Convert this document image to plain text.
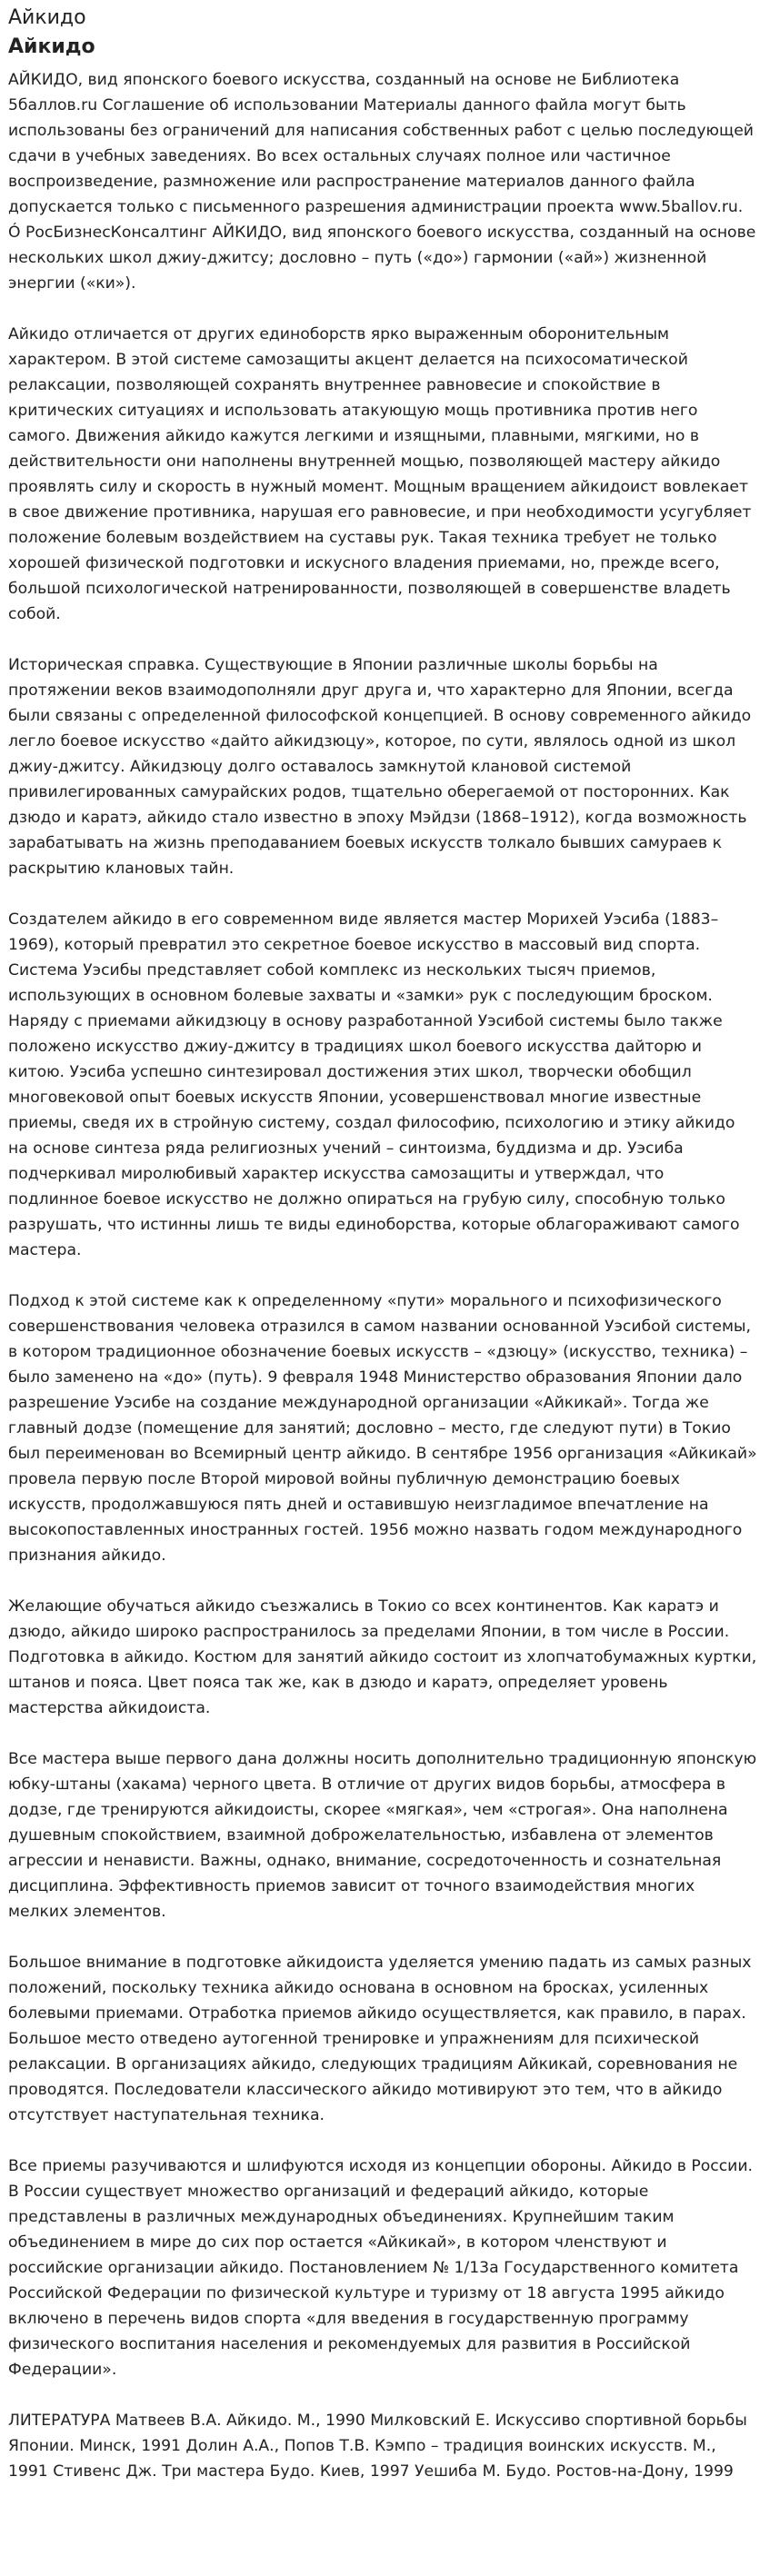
Айкидо
Айкидо

АЙКИДО, вид японского боевого искусства, созданный на основе не Библиотека 5баллов.ru Соглашение об использовании Материалы данного файла могут быть использованы без ограничений для написания собственных работ с целью последующей сдачи в учебных заведениях. Во всех остальных случаях полное или частичное воспроизведение, размножение или распространение материалов данного файла допускается только с письменного разрешения администрации проекта www.5ballov.ru. Ó РосБизнесКонсалтинг АЙКИДО, вид японского боевого искусства, созданный на основе нескольких школ джиу-джитсу; дословно – путь («до») гармонии («ай») жизненной энергии («ки»).

Айкидо отличается от других единоборств ярко выраженным оборонительным характером. В этой системе самозащиты акцент делается на психосоматической релаксации, позволяющей сохранять внутреннее равновесие и спокойствие в критических ситуациях и использовать атакующую мощь противника против него самого. Движения айкидо кажутся легкими и изящными, плавными, мягкими, но в действительности они наполнены внутренней мощью, позволяющей мастеру айкидо проявлять силу и скорость в нужный момент. Мощным вращением айкидоист вовлекает в свое движение противника, нарушая его равновесие, и при необходимости усугубляет положение болевым воздействием на суставы рук. Такая техника требует не только хорошей физической подготовки и искусного владения приемами, но, прежде всего, большой психологической натренированности, позволяющей в совершенстве владеть собой.

Историческая справка. Существующие в Японии различные школы борьбы на протяжении веков взаимодополняли друг друга и, что характерно для Японии, всегда были связаны с определенной философской концепцией. В основу современного айкидо легло боевое искусство «дайто айкидзюцу», которое, по сути, являлось одной из школ джиу-джитсу. Айкидзюцу долго оставалось замкнутой клановой системой привилегированных самурайских родов, тщательно оберегаемой от посторонних. Как дзюдо и каратэ, айкидо стало известно в эпоху Мэйдзи (1868–1912), когда возможность зарабатывать на жизнь преподаванием боевых искусств толкало бывших самураев к раскрытию клановых тайн.

Создателем айкидо в его современном виде является мастер Морихей Уэсиба (1883–1969), который превратил это секретное боевое искусство в массовый вид спорта. Система Уэсибы представляет собой комплекс из нескольких тысяч приемов, использующих в основном болевые захваты и «замки» рук с последующим броском. Наряду с приемами айкидзюцу в основу разработанной Уэсибой системы было также положено искусство джиу-джитсу в традициях школ боевого искусства дайторю и китою. Уэсиба успешно синтезировал достижения этих школ, творчески обобщил многовековой опыт боевых искусств Японии, усовершенствовал многие известные приемы, сведя их в стройную систему, создал философию, психологию и этику айкидо на основе синтеза ряда религиозных учений – синтоизма, буддизма и др. Уэсиба подчеркивал миролюбивый характер искусства самозащиты и утверждал, что подлинное боевое искусство не должно опираться на грубую силу, способную только разрушать, что истинны лишь те виды единоборства, которые облагораживают самого мастера.

Подход к этой системе как к определенному «пути» морального и психофизического совершенствования человека отразился в самом названии основанной Уэсибой системы, в котором традиционное обозначение боевых искусств – «дзюцу» (искусство, техника) – было заменено на «до» (путь). 9 февраля 1948 Министерство образования Японии дало разрешение Уэсибе на создание международной организации «Айкикай». Тогда же главный додзе (помещение для занятий; дословно – место, где следуют пути) в Токио был переименован во Всемирный центр айкидо. В сентябре 1956 организация «Айкикай» провела первую после Второй мировой войны публичную демонстрацию боевых искусств, продолжавшуюся пять дней и оставившую неизгладимое впечатление на высокопоставленных иностранных гостей. 1956 можно назвать годом международного признания айкидо.

Желающие обучаться айкидо съезжались в Токио со всех континентов. Как каратэ и дзюдо, айкидо широко распространилось за пределами Японии, в том числе в России. Подготовка в айкидо. Костюм для занятий айкидо состоит из хлопчатобумажных куртки, штанов и пояса. Цвет пояса так же, как в дзюдо и каратэ, определяет уровень мастерства айкидоиста.

Все мастера выше первого дана должны носить дополнительно традиционную японскую юбку-штаны (хакама) черного цвета. В отличие от других видов борьбы, атмосфера в додзе, где тренируются айкидоисты, скорее «мягкая», чем «строгая». Она наполнена душевным спокойствием, взаимной доброжелательностью, избавлена от элементов агрессии и ненависти. Важны, однако, внимание, сосредоточенность и сознательная дисциплина. Эффективность приемов зависит от точного взаимодействия многих мелких элементов.

Большое внимание в подготовке айкидоиста уделяется умению падать из самых разных положений, поскольку техника айкидо основана в основном на бросках, усиленных болевыми приемами. Отработка приемов айкидо осуществляется, как правило, в парах. Большое место отведено аутогенной тренировке и упражнениям для психической релаксации. В организациях айкидо, следующих традициям Айкикай, соревнования не проводятся. Последователи классического айкидо мотивируют это тем, что в айкидо отсутствует наступательная техника.

Все приемы разучиваются и шлифуются исходя из концепции обороны. Айкидо в России. В России существует множество организаций и федераций айкидо, которые представлены в различных международных объединениях. Крупнейшим таким объединением в мире до сих пор остается «Айкикай», в котором членствуют и российские организации айкидо. Постановлением № 1/13а Государственного комитета Российской Федерации по физической культуре и туризму от 18 августа 1995 айкидо включено в перечень видов спорта «для введения в государственную программу физического воспитания населения и рекомендуемых для развития в Российской Федерации».

ЛИТЕРАТУРА Матвеев В.А. Айкидо. М., 1990 Милковский Е. Искуссиво спортивной борьбы Японии. Минск, 1991 Долин А.А., Попов Т.В. Кэмпо – традиция воинских искусств. М., 1991 Стивенс Дж. Три мастера Будо. Киев, 1997 Уешиба М. Будо. Ростов-на-Дону, 1999
